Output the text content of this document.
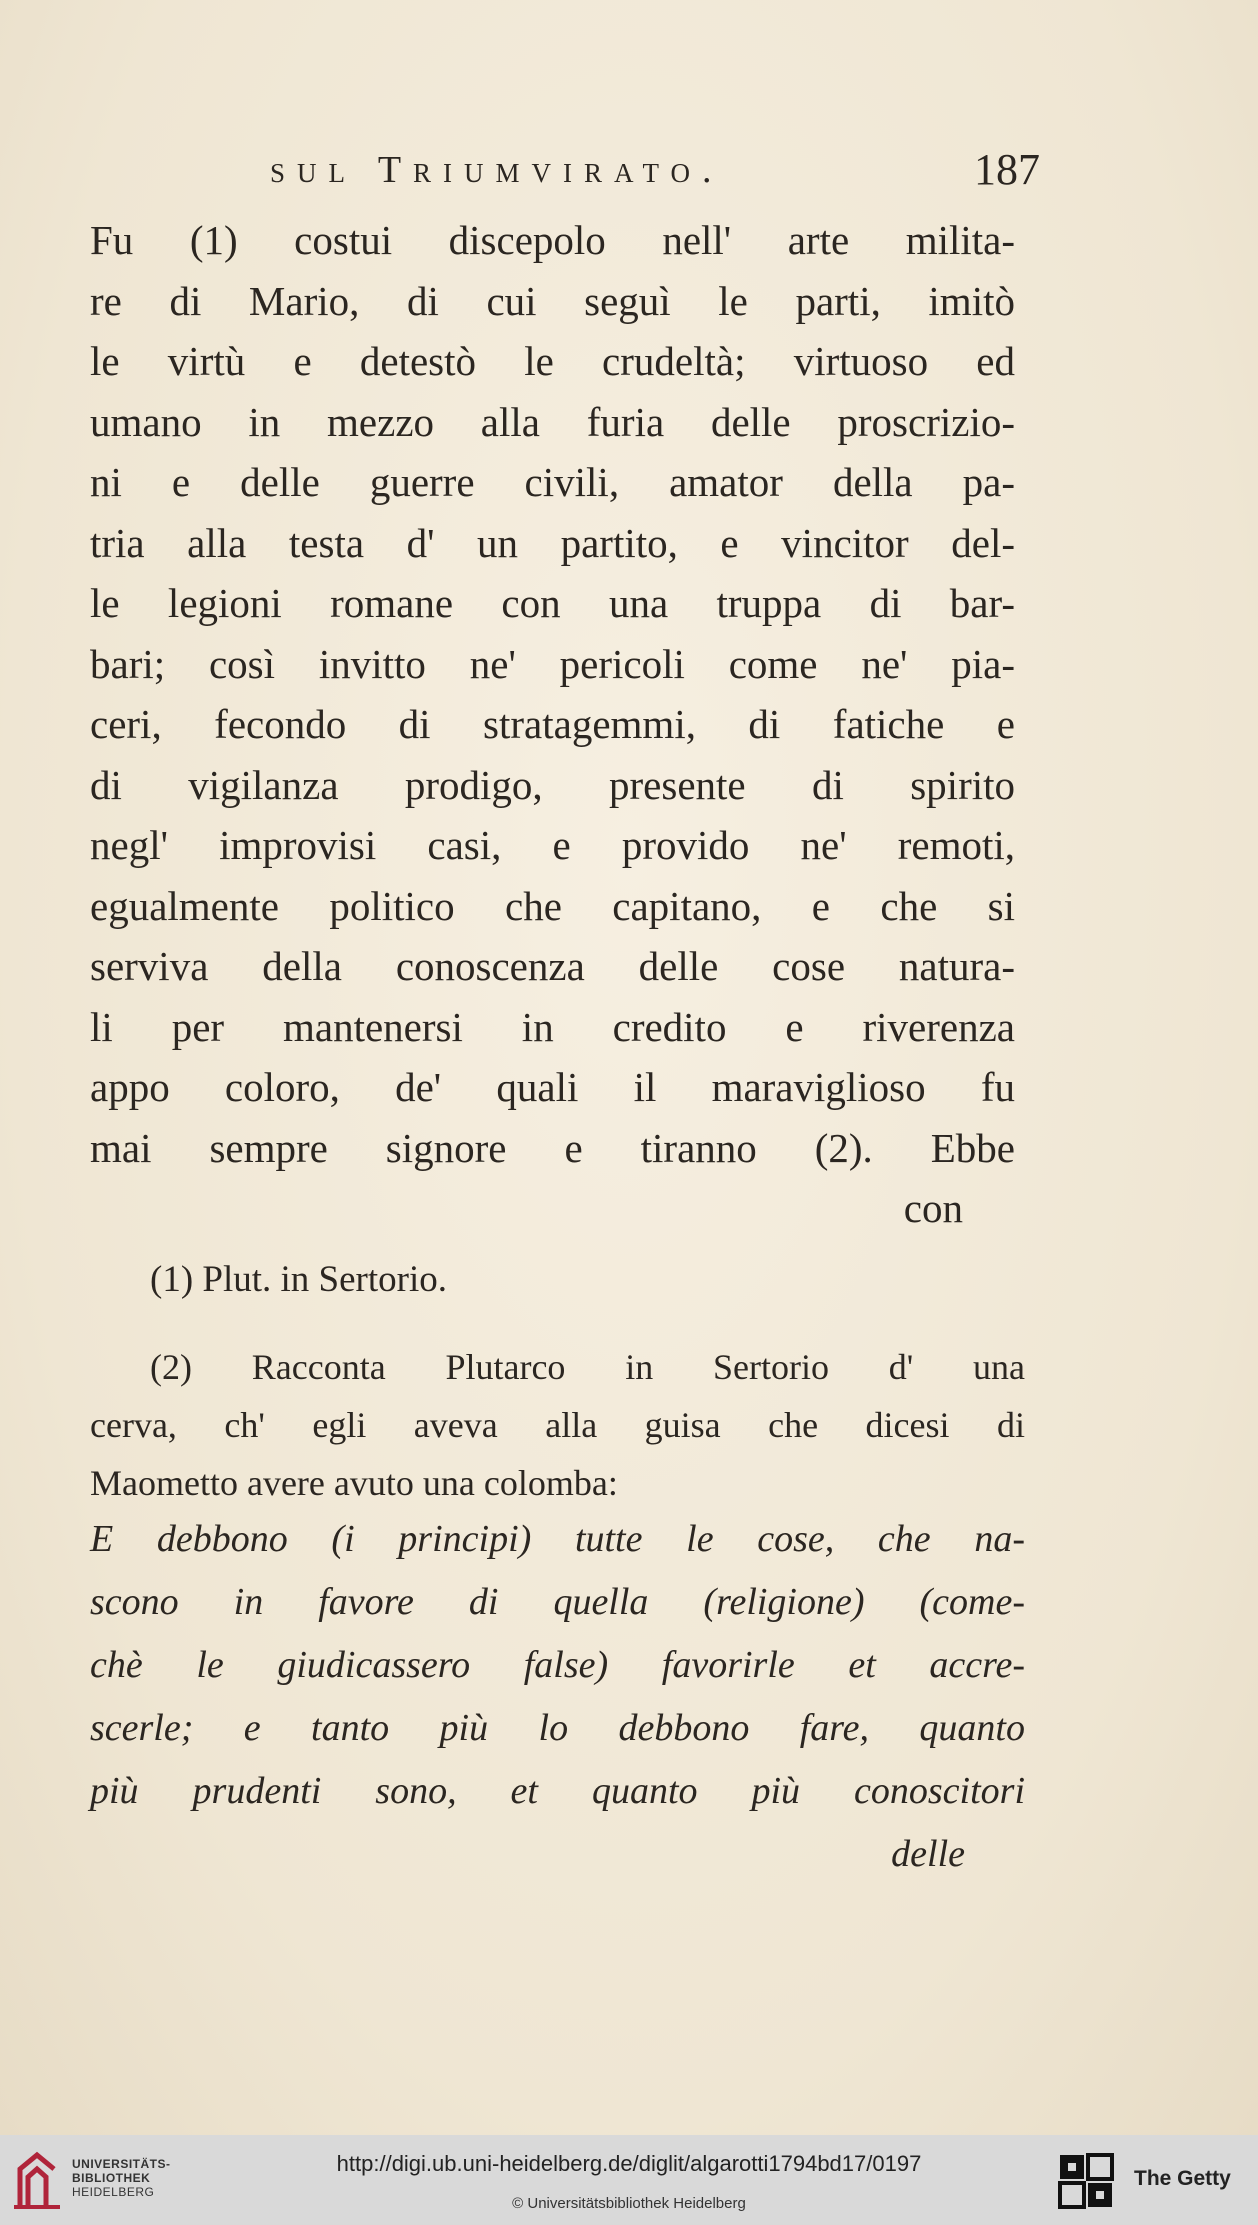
sul Triumvirato.	187
Fu (1) costui discepolo nell' arte milita-
re di Mario, di cui seguì le parti, imitò
le virtù e detestò le crudeltà; virtuoso ed
umano in mezzo alla furia delle proscrizio-
ni e delle guerre civili, amator della pa-
tria alla testa d' un partito, e vincitor del-
le legioni romane con una truppa di bar-
bari; così invitto ne' pericoli come ne' pia-
ceri, fecondo di stratagemmi, di fatiche e
di vigilanza prodigo, presente di spirito
negl' improvisi casi, e provido ne' remoti,
egualmente politico che capitano, e che si
serviva della conoscenza delle cose natura-
li per mantenersi in credito e riverenza
appo coloro, de' quali il maraviglioso fu
mai sempre signore e tiranno (2). Ebbe
con
(1) Plut. in Sertorio.
(2) Racconta Plutarco in Sertorio d' una
cerva, ch' egli aveva alla guisa che dicesi di
Maometto avere avuto una colomba:
E debbono (i principi) tutte le cose, che na-
scono in favore di quella (religione) (come-
chè le giudicassero false) favorirle et accre-
scerle; e tanto più lo debbono fare, quanto
più prudenti sono, et quanto più conoscitori
delle
UNIVERSITÄTS-
BIBLIOTHEK
HEIDELBERG
http://digi.ub.uni-heidelberg.de/diglit/algarotti1794bd17/0197
© Universitätsbibliothek Heidelberg
The Getty
